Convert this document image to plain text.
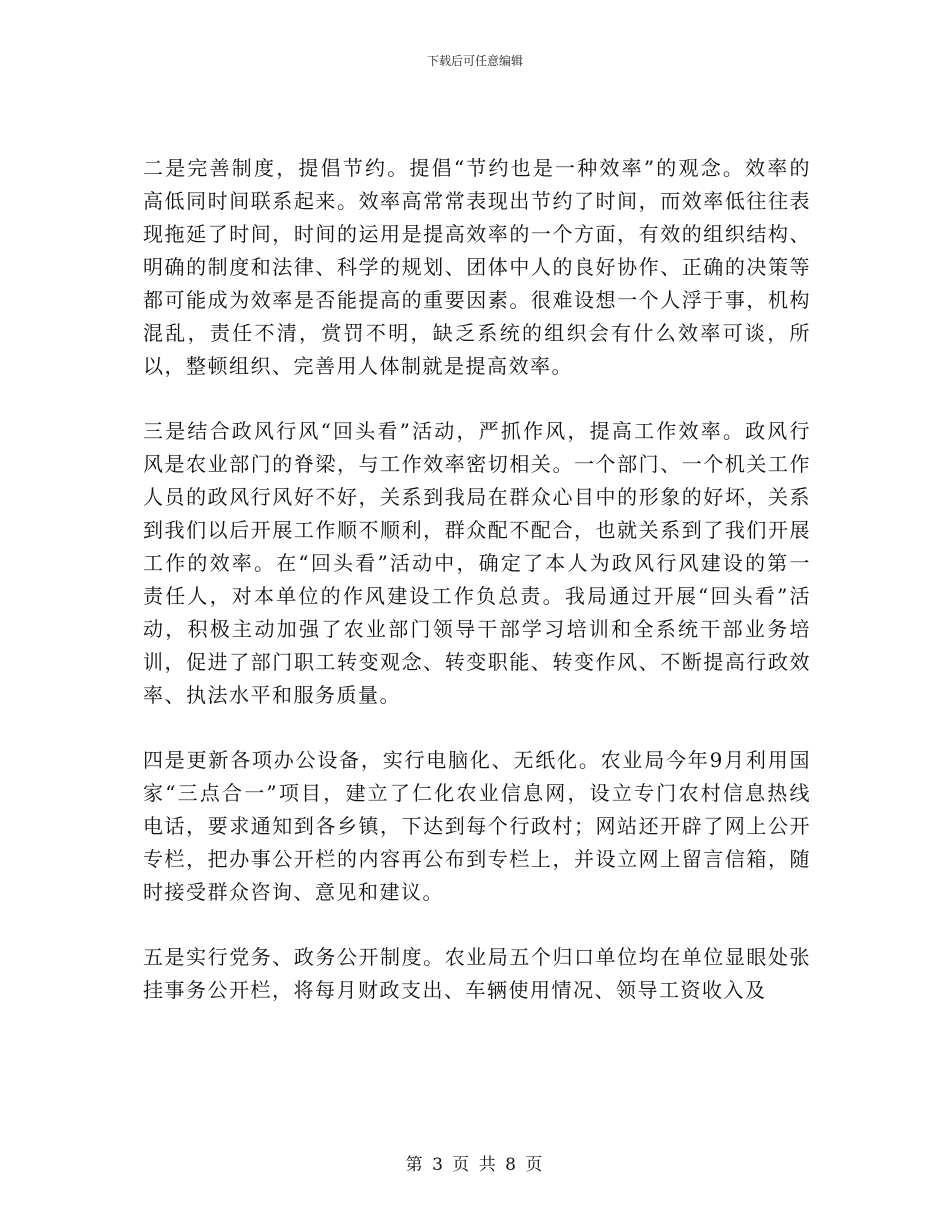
下载后可任意编辑

二是完善制度，提倡节约。提倡“节约也是一种效率”的观念。效率的高低同时间联系起来。效率高常常表现出节约了时间，而效率低往往表现拖延了时间，时间的运用是提高效率的一个方面，有效的组织结构、明确的制度和法律、科学的规划、团体中人的良好协作、正确的决策等都可能成为效率是否能提高的重要因素。很难设想一个人浮于事，机构混乱，责任不清，赏罚不明，缺乏系统的组织会有什么效率可谈，所以，整顿组织、完善用人体制就是提高效率。

三是结合政风行风“回头看”活动，严抓作风，提高工作效率。政风行风是农业部门的脊梁，与工作效率密切相关。一个部门、一个机关工作人员的政风行风好不好，关系到我局在群众心目中的形象的好坏，关系到我们以后开展工作顺不顺利，群众配不配合，也就关系到了我们开展工作的效率。在“回头看”活动中，确定了本人为政风行风建设的第一责任人，对本单位的作风建设工作负总责。我局通过开展“回头看”活动，积极主动加强了农业部门领导干部学习培训和全系统干部业务培训，促进了部门职工转变观念、转变职能、转变作风、不断提高行政效率、执法水平和服务质量。

四是更新各项办公设备，实行电脑化、无纸化。农业局今年9月利用国家“三点合一”项目，建立了仁化农业信息网，设立专门农村信息热线电话，要求通知到各乡镇，下达到每个行政村；网站还开辟了网上公开专栏，把办事公开栏的内容再公布到专栏上，并设立网上留言信箱，随时接受群众咨询、意见和建议。

五是实行党务、政务公开制度。农业局五个归口单位均在单位显眼处张挂事务公开栏，将每月财政支出、车辆使用情况、领导工资收入及

第 3 页 共 8 页
